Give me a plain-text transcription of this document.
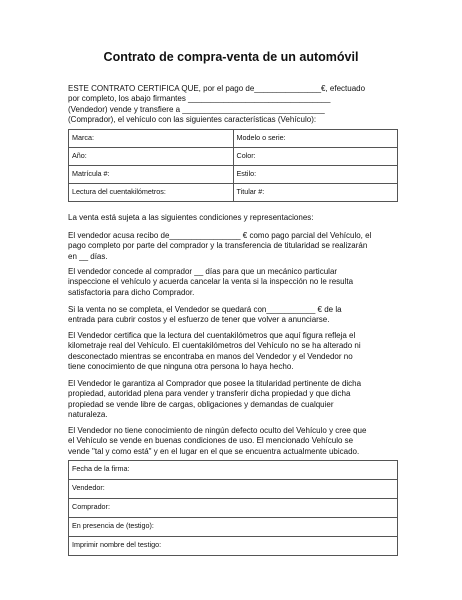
Contrato de compra-venta de un automóvil
ESTE CONTRATO CERTIFICA QUE, por el pago de_______________€, efectuado
por completo, los abajo firmantes ________________________________
(Vendedor) vende y transfiere a ________________________________
(Comprador), el vehículo con las siguientes características (Vehículo):
Marca:	Modelo o serie:
Año:	Color:
Matrícula #:	Estilo:
Lectura del cuentakilómetros:	Titular #:
La venta está sujeta a las siguientes condiciones y representaciones:
El vendedor acusa recibo de________________ € como pago parcial del Vehículo, el
pago completo por parte del comprador y la transferencia de titularidad se realizarán
en __ días.
El vendedor concede al comprador __ días para que un mecánico particular
inspeccione el vehículo y acuerda cancelar la venta si la inspección no le resulta
satisfactoria para dicho Comprador.
Si la venta no se completa, el Vendedor se quedará con___________ € de la
entrada para cubrir costos y el esfuerzo de tener que volver a anunciarse.
El Vendedor certifica que la lectura del cuentakilómetros que aquí figura refleja el
kilometraje real del Vehículo. El cuentakilómetros del Vehículo no se ha alterado ni
desconectado mientras se encontraba en manos del Vendedor y el Vendedor no
tiene conocimiento de que ninguna otra persona lo haya hecho.
El Vendedor le garantiza al Comprador que posee la titularidad pertinente de dicha
propiedad, autoridad plena para vender y transferir dicha propiedad y que dicha
propiedad se vende libre de cargas, obligaciones y demandas de cualquier
naturaleza.
El Vendedor no tiene conocimiento de ningún defecto oculto del Vehículo y cree que
el Vehículo se vende en buenas condiciones de uso. El mencionado Vehículo se
vende "tal y como está" y en el lugar en el que se encuentra actualmente ubicado.
Fecha de la firma:
Vendedor:
Comprador:
En presencia de (testigo):
Imprimir nombre del testigo:
